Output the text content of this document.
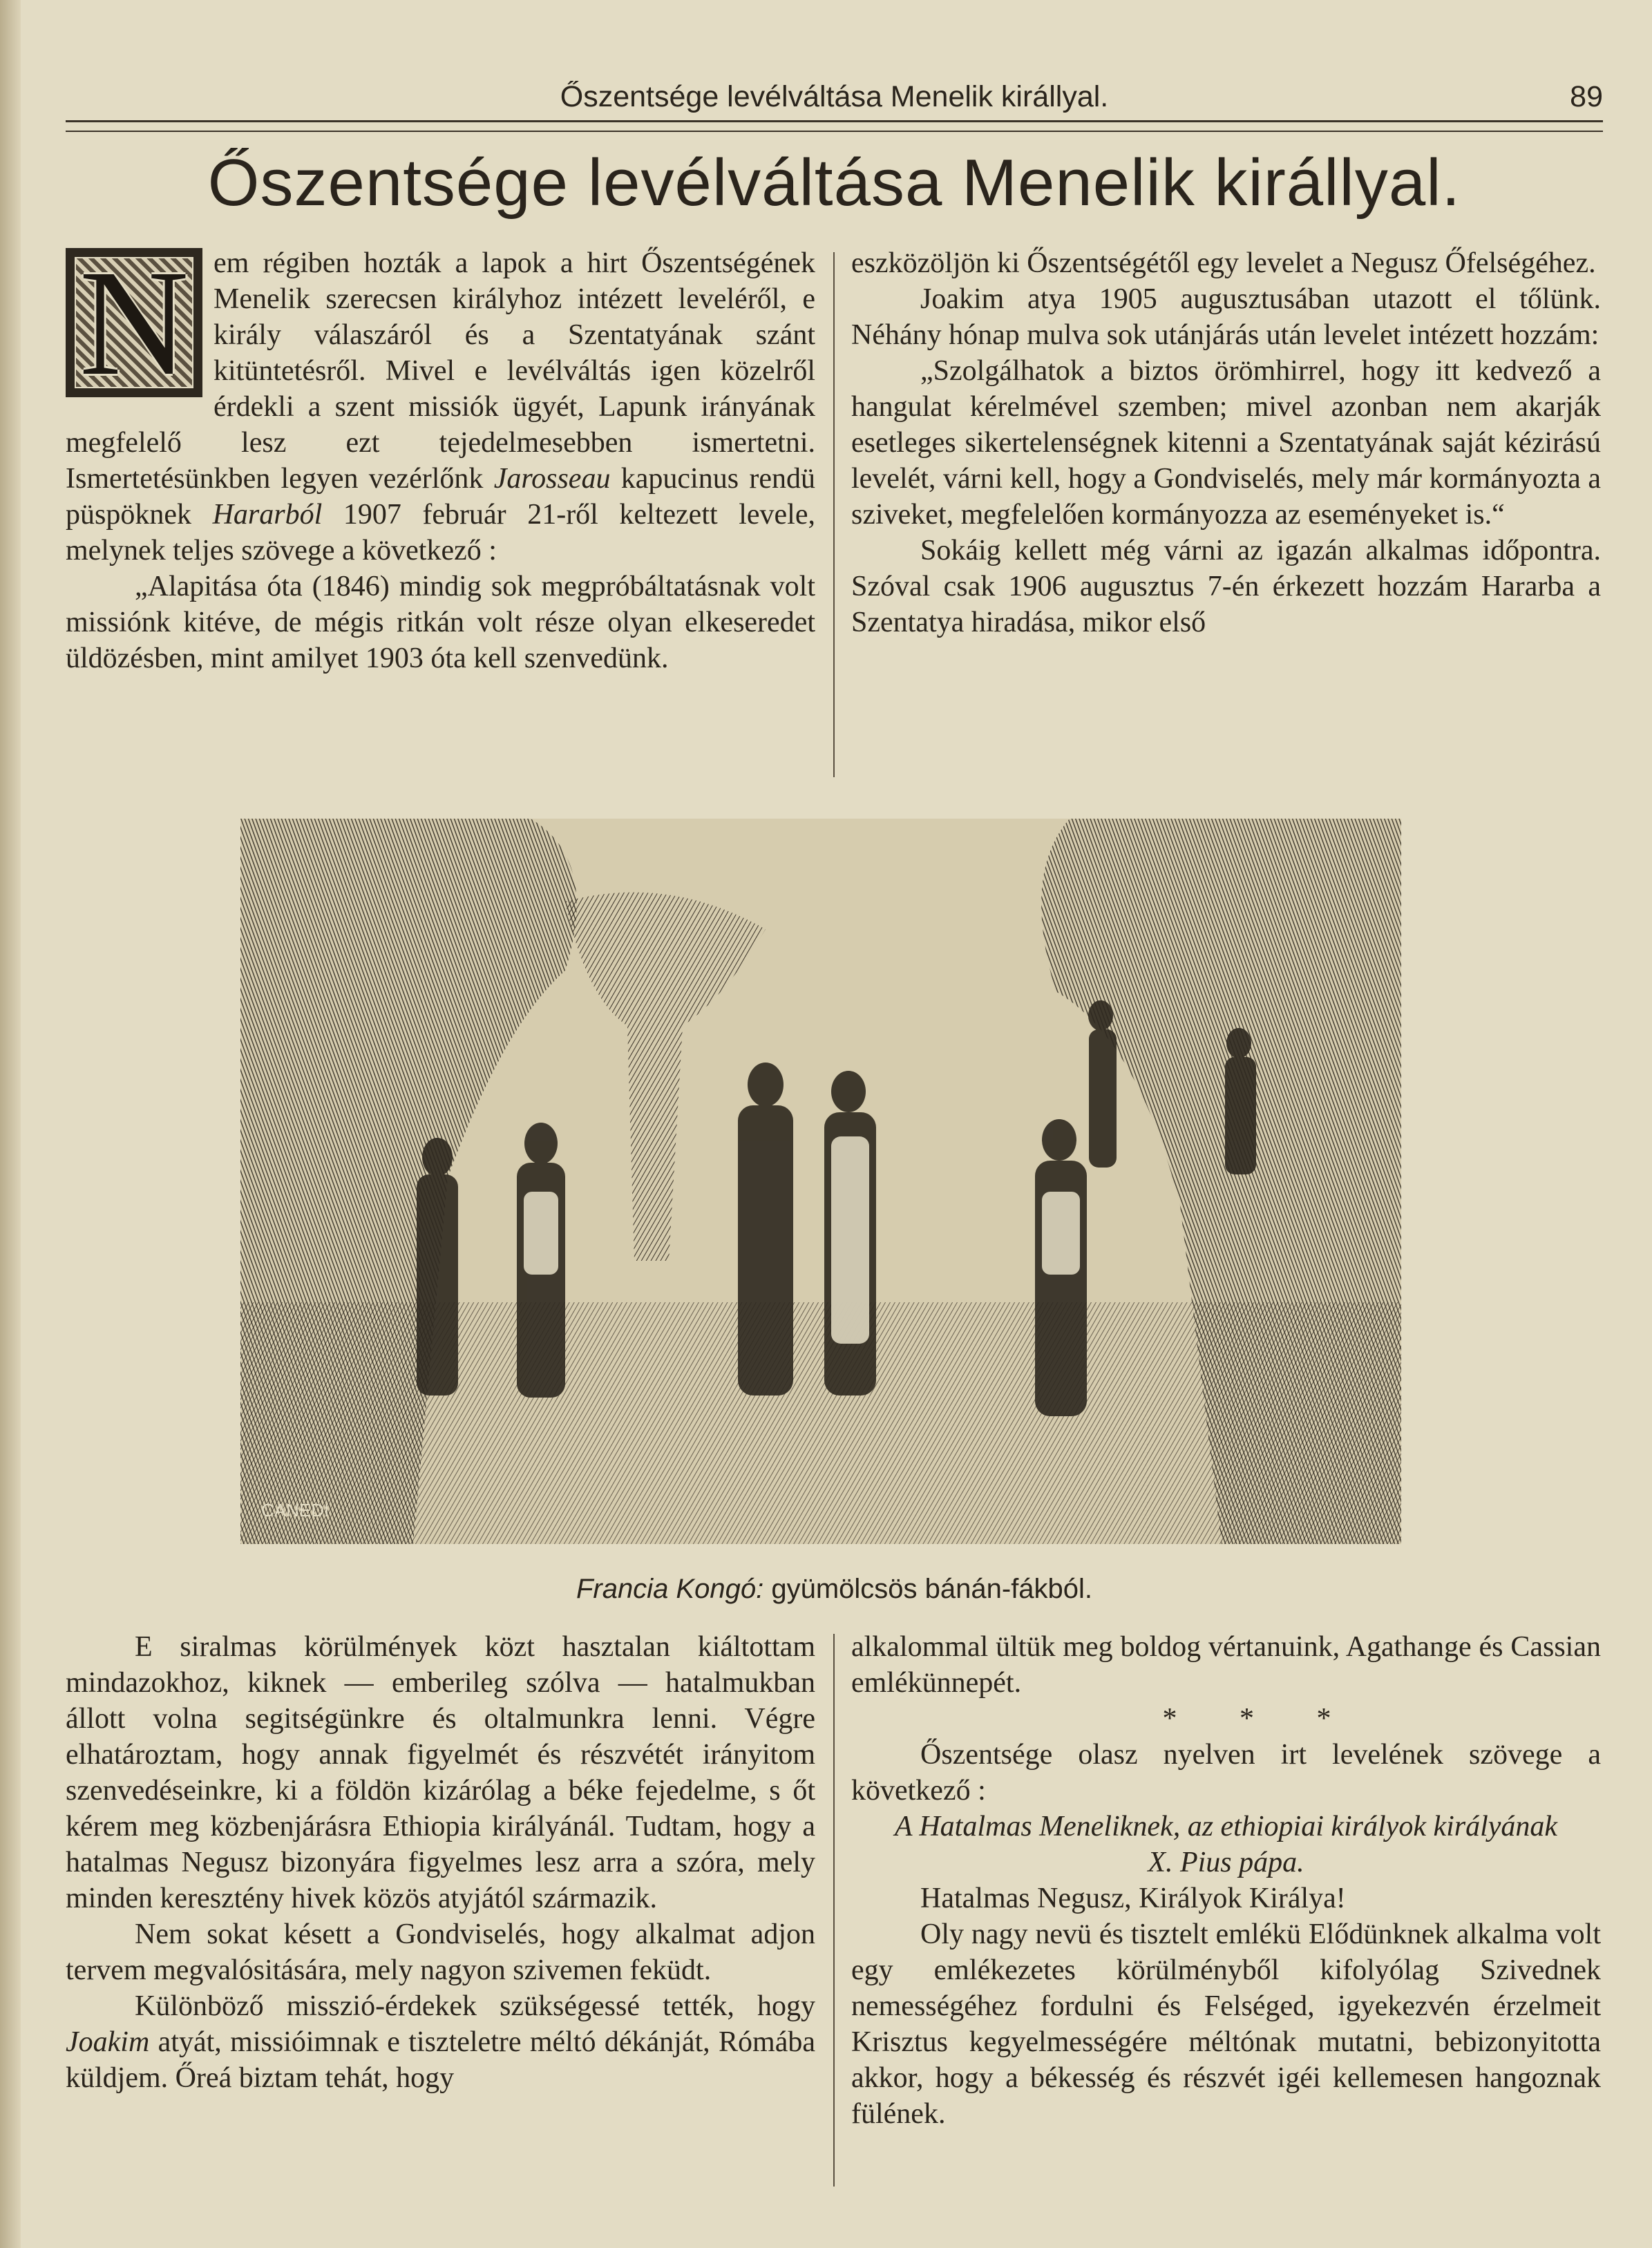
Őszentsége levélváltása Menelik királlyal.	89
Őszentsége levélváltása Menelik királlyal.
N em régiben hozták a lapok a hirt Őszentségének Menelik szerecsen királyhoz intézett leveléről, e király válaszáról és a Szentatyának szánt kitüntetésről. Mivel e levélváltás igen közelről érdekli a szent missiók ügyét, Lapunk irányának megfelelő lesz ezt tejedelmesebben ismertetni. Ismertetésünkben legyen vezérlőnk Jarosseau kapucinus rendü püspöknek Hararból 1907 február 21-ről keltezett levele, melynek teljes szövege a következő :

„Alapitása óta (1846) mindig sok megpróbáltatásnak volt missiónk kitéve, de mégis ritkán volt része olyan elkeseredet üldözésben, mint amilyet 1903 óta kell szenvedünk.

eszközöljön ki Őszentségétől egy levelet a Negusz Őfelségéhez.

Joakim atya 1905 augusztusában utazott el tőlünk. Néhány hónap mulva sok utánjárás után levelet intézett hozzám:

„Szolgálhatok a biztos örömhirrel, hogy itt kedvező a hangulat kérelmével szemben; mivel azonban nem akarják esetleges sikertelenségnek kitenni a Szentatyának saját kézirású levelét, várni kell, hogy a Gondviselés, mely már kormányozta a sziveket, megfelelően kormányozza az eseményeket is.“

Sokáig kellett még várni az igazán alkalmas időpontra. Szóval csak 1906 augusztus 7-én érkezett hozzám Hararba a Szentatya hiradása, mikor első

CANEDI
Francia Kongó: gyümölcsös bánán-fákból.

E siralmas körülmények közt hasztalan kiáltottam mindazokhoz, kiknek — emberileg szólva — hatalmukban állott volna segitségünkre és oltalmunkra lenni. Végre elhatároztam, hogy annak figyelmét és részvétét irányitom szenvedéseinkre, ki a földön kizárólag a béke fejedelme, s őt kérem meg közbenjárásra Ethiopia királyánál. Tudtam, hogy a hatalmas Negusz bizonyára figyelmes lesz arra a szóra, mely minden keresztény hivek közös atyjától származik.

Nem sokat késett a Gondviselés, hogy alkalmat adjon tervem megvalósitására, mely nagyon szivemen feküdt.

Különböző misszió-érdekek szükségessé tették, hogy Joakim atyát, missióimnak e tiszteletre méltó dékánját, Rómába küldjem. Őreá biztam tehát, hogy

alkalommal ültük meg boldog vértanuink, Agathange és Cassian emlékünnepét.

* * *

Őszentsége olasz nyelven irt levelének szövege a következő :

A Hatalmas Meneliknek, az ethiopiai királyok királyának

X. Pius pápa.

Hatalmas Negusz, Királyok Királya!

Oly nagy nevü és tisztelt emlékü Elődünknek alkalma volt egy emlékezetes körülményből kifolyólag Szivednek nemességéhez fordulni és Felséged, igyekezvén érzelmeit Krisztus kegyelmességére méltónak mutatni, bebizonyitotta akkor, hogy a békesség és részvét igéi kellemesen hangoznak fülének.
